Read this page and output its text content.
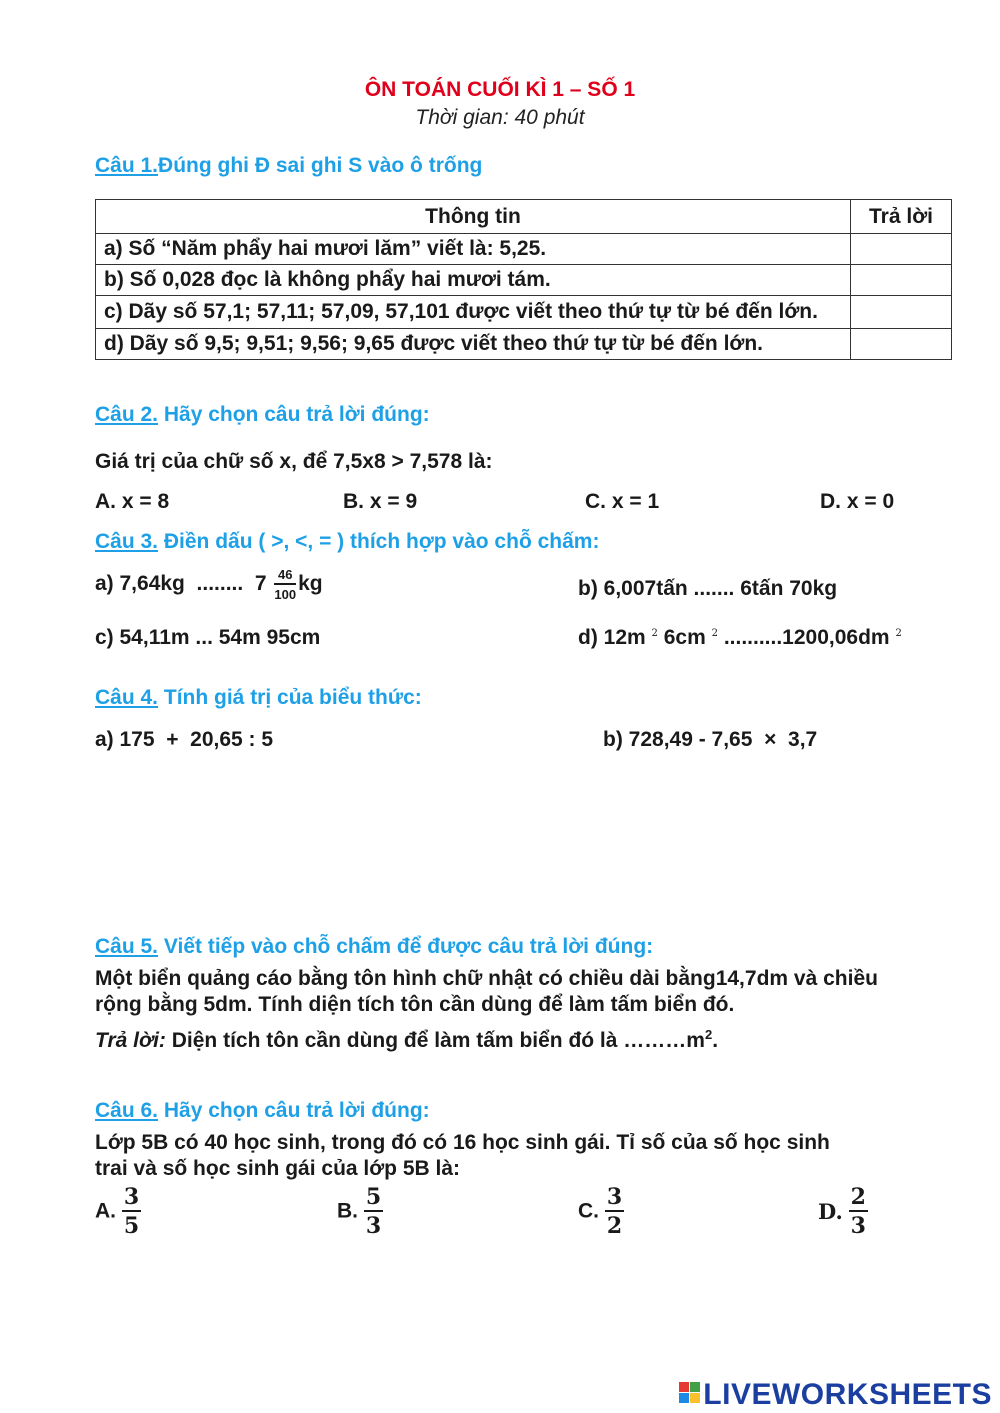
ÔN TOÁN CUỐI KÌ 1 – SỐ 1
Thời gian: 40 phút
Câu 1.Đúng ghi Đ sai ghi S vào ô trống
Thông tin	Trả lời
a) Số “Năm phẩy hai mươi lăm” viết là: 5,25.	
b) Số 0,028 đọc là không phẩy hai mươi tám.	
c) Dãy số 57,1; 57,11; 57,09, 57,101 được viết theo thứ tự từ bé đến lớn.	
d) Dãy số 9,5; 9,51; 9,56; 9,65 được viết theo thứ tự từ bé đến lớn.	
Câu 2. Hãy chọn câu trả lời đúng:
Giá trị của chữ số x, để 7,5x8 > 7,578 là:
A. x = 8	B. x = 9	C. x = 1	D. x = 0
Câu 3. Điền dấu ( >, <, = ) thích hợp vào chỗ chấm:
a) 7,64kg  ........  $7 \frac{46}{100}$ kg	b) 6,007tấn ....... 6tấn 70kg
c) 54,11m ... 54m 95cm	d) 12m $^2$ 6cm $^2$ ..........1200,06dm $^2$
Câu 4. Tính giá trị của biểu thức:
a) 175  +  20,65 : 5	b) 728,49 - 7,65  ×  3,7
Câu 5. Viết tiếp vào chỗ chấm để được câu trả lời đúng:
Một biển quảng cáo bằng tôn hình chữ nhật có chiều dài bằng14,7dm và chiều
rộng bằng 5dm. Tính diện tích tôn cần dùng để làm tấm biển đó.
Trả lời: Diện tích tôn cần dùng để làm tấm biển đó là $\dots\dots\dots m^2$.
Câu 6. Hãy chọn câu trả lời đúng:
Lớp 5B có 40 học sinh, trong đó có 16 học sinh gái. Tỉ số của số học sinh
trai và số học sinh gái của lớp 5B là:
A. $\frac{3}{5}$	B. $\frac{5}{3}$	C. $\frac{3}{2}$	D. $\frac{2}{3}$
LIVEWORKSHEETS
